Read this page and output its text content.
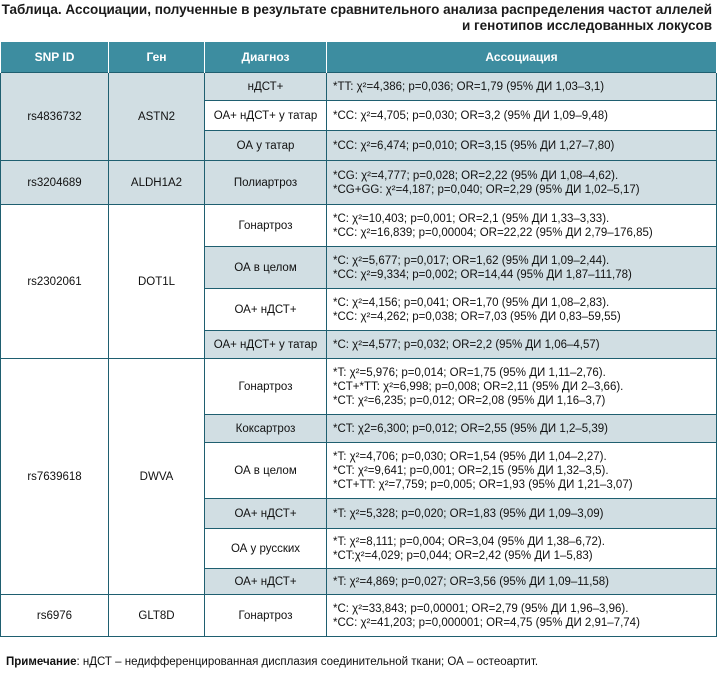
Таблица. Ассоциации, полученные в результате сравнительного анализа распределения частот аллелей
и генотипов исследованных локусов
SNP ID	Ген	Диагноз	Ассоциация
rs4836732	ASTN2	нДСТ+	*TT: χ²=4,386; p=0,036; OR=1,79 (95% ДИ 1,03–3,1)

		ОА+ нДСТ+ у татар	*CC: χ²=4,705; p=0,030; OR=3,2 (95% ДИ 1,09–9,48)

		ОА у татар	*CC: χ²=6,474; p=0,010; OR=3,15 (95% ДИ 1,27–7,80)

rs3204689	ALDH1A2	Полиартроз	*CG: χ²=4,777; p=0,028; OR=2,22 (95% ДИ 1,08–4,62).
*CG+GG: χ²=4,187; p=0,040; OR=2,29 (95% ДИ 1,02–5,17)

rs2302061	DOT1L	Гонартроз	*C: χ²=10,403; p=0,001; OR=2,1 (95% ДИ 1,33–3,33).
*CC: χ²=16,839; p=0,00004; OR=22,22 (95% ДИ 2,79–176,85)

		ОА в целом	*C: χ²=5,677; p=0,017; OR=1,62 (95% ДИ 1,09–2,44).
*CC: χ²=9,334; p=0,002; OR=14,44 (95% ДИ 1,87–111,78)

		ОА+ нДСТ+	*C: χ²=4,156; p=0,041; OR=1,70 (95% ДИ 1,08–2,83).
*CC: χ²=4,262; p=0,038; OR=7,03 (95% ДИ 0,83–59,55)

		ОА+ нДСТ+ у татар	*C: χ²=4,577; p=0,032; OR=2,2 (95% ДИ 1,06–4,57)

rs7639618	DWVA	Гонартроз	*T: χ²=5,976; p=0,014; OR=1,75 (95% ДИ 1,11–2,76).
*CT+*TT: χ²=6,998; p=0,008; OR=2,11 (95% ДИ 2–3,66).
*CT: χ²=6,235; p=0,012; OR=2,08 (95% ДИ 1,16–3,7)

		Коксартроз	*CT: χ2=6,300; p=0,012; OR=2,55 (95% ДИ 1,2–5,39)

		ОА в целом	*T: χ²=4,706; p=0,030; OR=1,54 (95% ДИ 1,04–2,27).
*CT: χ²=9,641; p=0,001; OR=2,15 (95% ДИ 1,32–3,5).
*CT+TT: χ²=7,759; p=0,005; OR=1,93 (95% ДИ 1,21–3,07)

		ОА+ нДСТ+	*T: χ²=5,328; p=0,020; OR=1,83 (95% ДИ 1,09–3,09)

		ОА у русских	*T: χ²=8,111; p=0,004; OR=3,04 (95% ДИ 1,38–6,72).
*CT:χ²=4,029; p=0,044; OR=2,42 (95% ДИ 1–5,83)

		ОА+ нДСТ+	*T: χ²=4,869; p=0,027; OR=3,56 (95% ДИ 1,09–11,58)

rs6976	GLT8D	Гонартроз	*C: χ²=33,843; p=0,00001; OR=2,79 (95% ДИ 1,96–3,96).
*CC: χ²=41,203; p=0,000001; OR=4,75 (95% ДИ 2,91–7,74)
Примечание: нДСТ – недифференцированная дисплазия соединительной ткани; ОА – остеоартит.
